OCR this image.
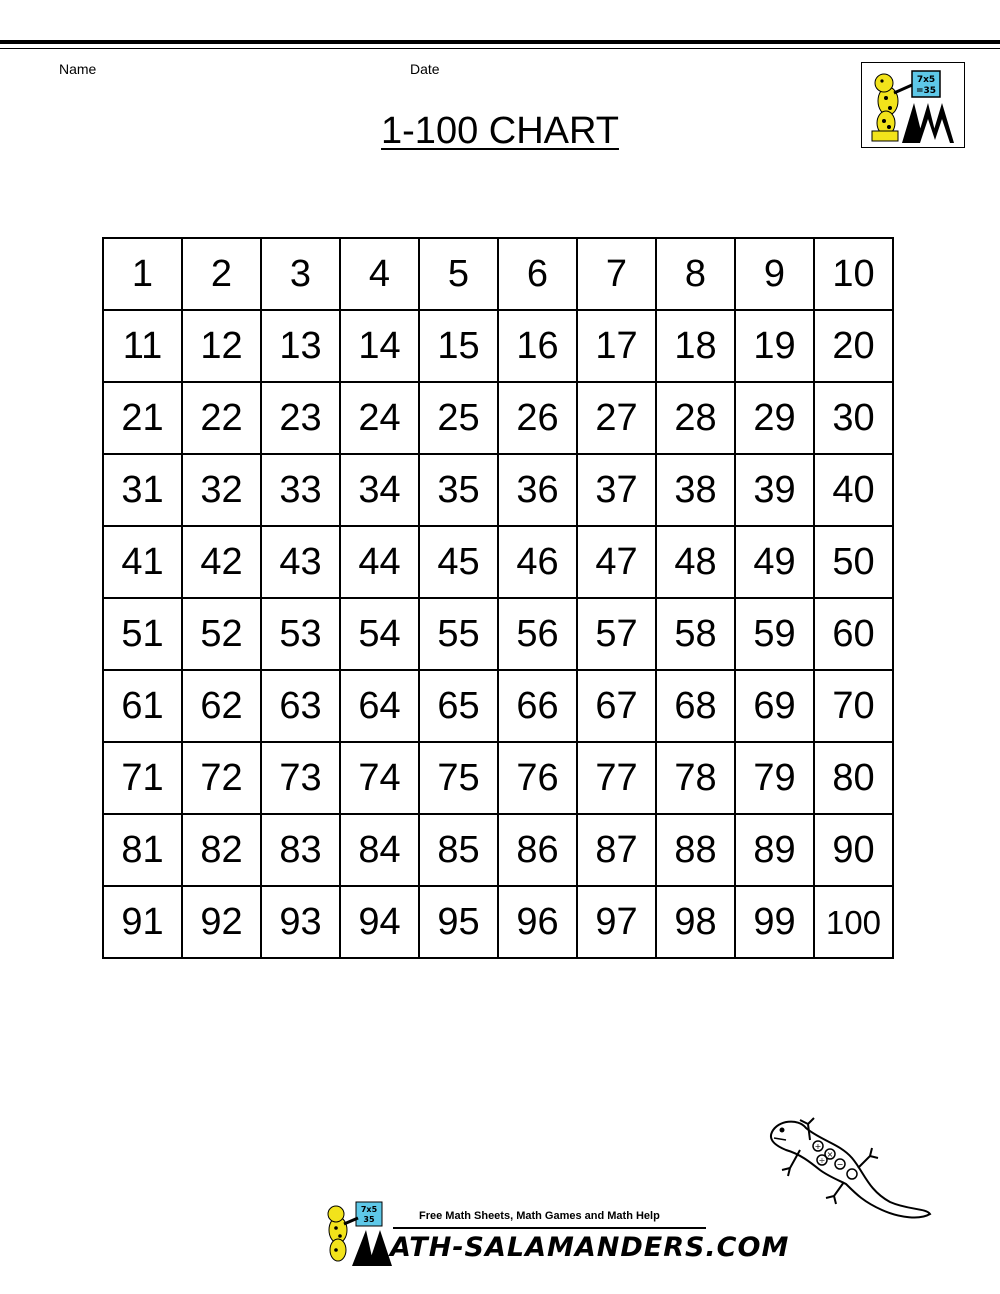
Name	Date
1-100 CHART
7x5
=35
1	2	3	4	5	6	7	8	9	10
11	12 13 14 15 16 17 18 19 20
21 22 23 24 25 26 27 28 29 30
31 32 33 34 35 36 37 38 39 40
41 42 43 44 45 46 47 48 49 50
51 52 53 54 55 56 57 58 59 60
61 62 63 64 65 66 67 68 69 70
71 72 73 74 75 76 77 78 79 80
81 82 83 84 85 86 87 88 89 90
91 92 93 94 95 96 97 98 99 100
+
×
−
÷
7x5
35	Free Math Sheets, Math Games and Math Help
ATH-SALAMANDERS.COM
